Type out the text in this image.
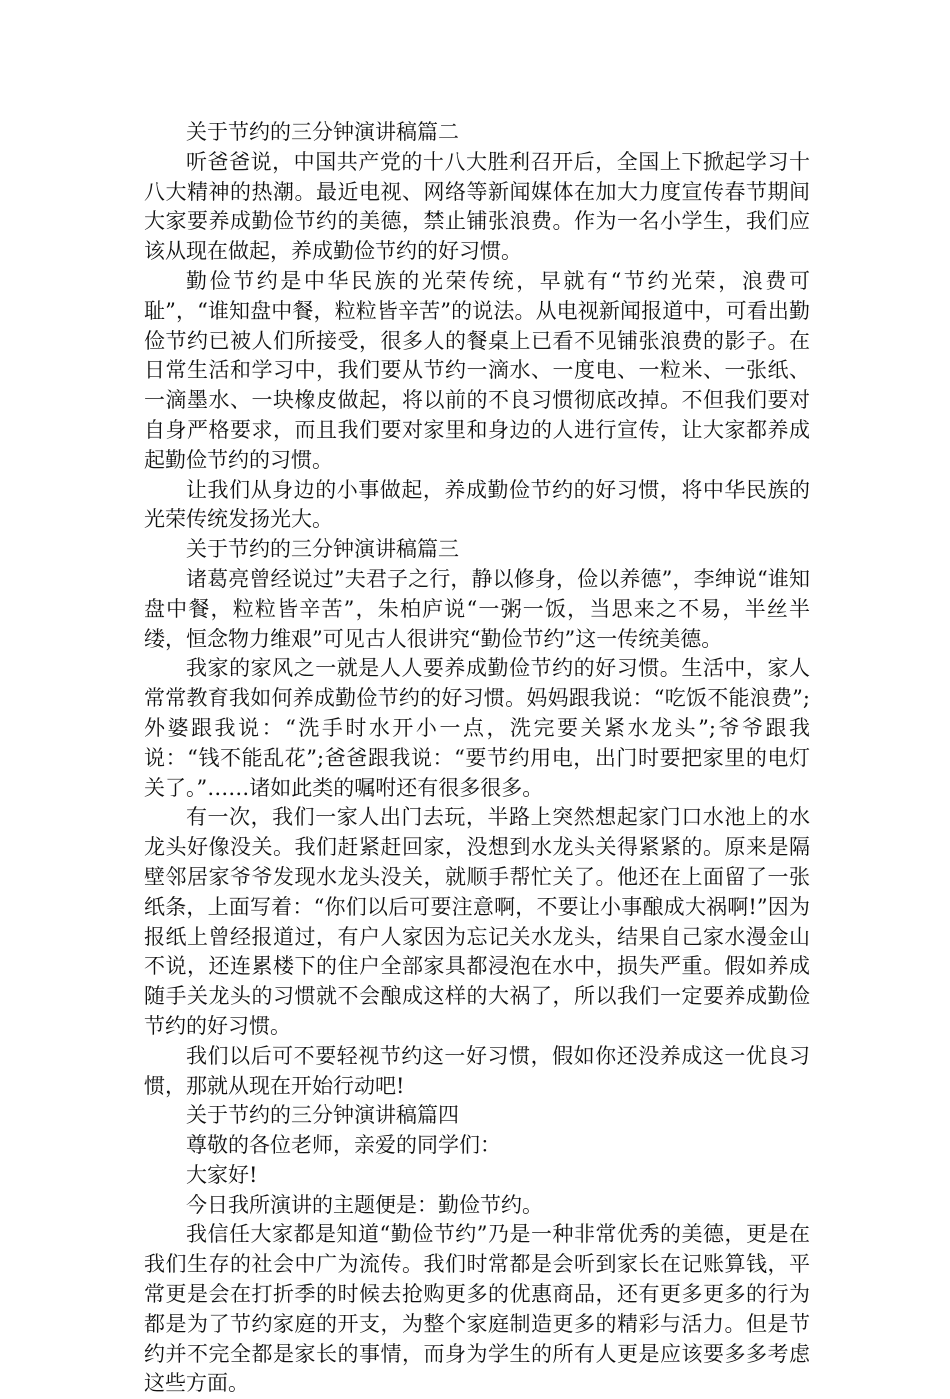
关于节约的三分钟演讲稿篇二

听爸爸说，中国共产党的十八大胜利召开后，全国上下掀起学习十八大精神的热潮。最近电视、网络等新闻媒体在加大力度宣传春节期间大家要养成勤俭节约的美德，禁止铺张浪费。作为一名小学生，我们应该从现在做起，养成勤俭节约的好习惯。

勤俭节约是中华民族的光荣传统，早就有“节约光荣，浪费可耻”，“谁知盘中餐，粒粒皆辛苦”的说法。从电视新闻报道中，可看出勤俭节约已被人们所接受，很多人的餐桌上已看不见铺张浪费的影子。在日常生活和学习中，我们要从节约一滴水、一度电、一粒米、一张纸、一滴墨水、一块橡皮做起，将以前的不良习惯彻底改掉。不但我们要对自身严格要求，而且我们要对家里和身边的人进行宣传，让大家都养成起勤俭节约的习惯。

让我们从身边的小事做起，养成勤俭节约的好习惯，将中华民族的光荣传统发扬光大。

关于节约的三分钟演讲稿篇三

诸葛亮曾经说过”夫君子之行，静以修身，俭以养德”，李绅说“谁知盘中餐，粒粒皆辛苦”，朱柏庐说“一粥一饭，当思来之不易，半丝半缕，恒念物力维艰”可见古人很讲究“勤俭节约”这一传统美德。

我家的家风之一就是人人要养成勤俭节约的好习惯。生活中，家人常常教育我如何养成勤俭节约的好习惯。妈妈跟我说：“吃饭不能浪费”;外婆跟我说：“洗手时水开小一点，洗完要关紧水龙头”;爷爷跟我说：“钱不能乱花”;爸爸跟我说：“要节约用电，出门时要把家里的电灯关了。”……诸如此类的嘱咐还有很多很多。

有一次，我们一家人出门去玩，半路上突然想起家门口水池上的水龙头好像没关。我们赶紧赶回家，没想到水龙头关得紧紧的。原来是隔壁邻居家爷爷发现水龙头没关，就顺手帮忙关了。他还在上面留了一张纸条，上面写着：“你们以后可要注意啊，不要让小事酿成大祸啊!”因为报纸上曾经报道过，有户人家因为忘记关水龙头，结果自己家水漫金山不说，还连累楼下的住户全部家具都浸泡在水中，损失严重。假如养成随手关龙头的习惯就不会酿成这样的大祸了，所以我们一定要养成勤俭节约的好习惯。

我们以后可不要轻视节约这一好习惯，假如你还没养成这一优良习惯，那就从现在开始行动吧!

关于节约的三分钟演讲稿篇四

尊敬的各位老师，亲爱的同学们：

大家好!

今日我所演讲的主题便是：勤俭节约。

我信任大家都是知道“勤俭节约”乃是一种非常优秀的美德，更是在我们生存的社会中广为流传。我们时常都是会听到家长在记账算钱，平常更是会在打折季的时候去抢购更多的优惠商品，还有更多更多的行为都是为了节约家庭的开支，为整个家庭制造更多的精彩与活力。但是节约并不完全都是家长的事情，而身为学生的所有人更是应该要多多考虑这些方面。
